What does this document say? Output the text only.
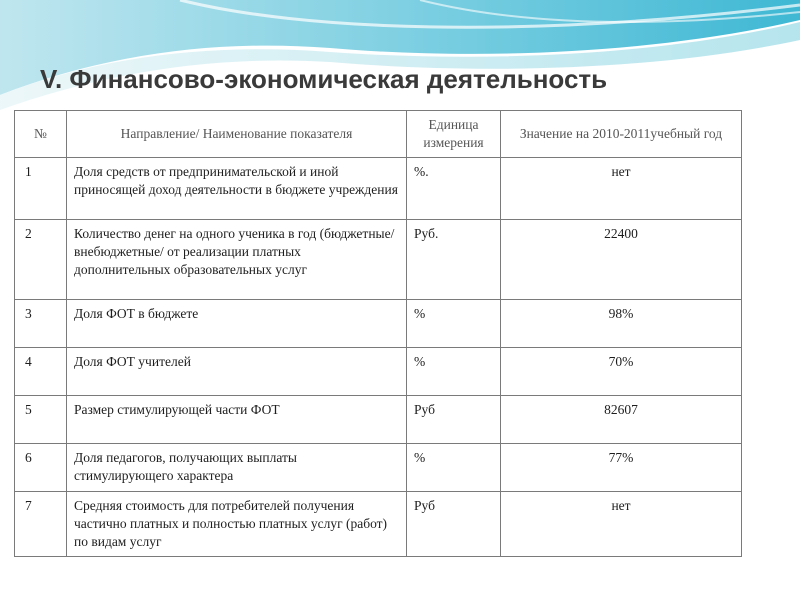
V. Финансово-экономическая деятельность
№	Направление/ Наименование показателя	Единица измерения	Значение на 2010-2011учебный год
1	Доля средств от предпринимательской и иной приносящей доход деятельности в бюджете учреждения	%.	нет
2	Количество денег на одного ученика в год (бюджетные/внебюджетные/ от реализации платных дополнительных образовательных услуг	Руб.	22400
3	Доля ФОТ в бюджете	%	98%
4	Доля ФОТ учителей	%	70%
5	Размер стимулирующей части ФОТ	Руб	82607
6	Доля педагогов, получающих выплаты стимулирующего характера	%	77%
7	Средняя стоимость для потребителей получения частично платных и полностью платных услуг (работ) по видам услуг	Руб	нет
